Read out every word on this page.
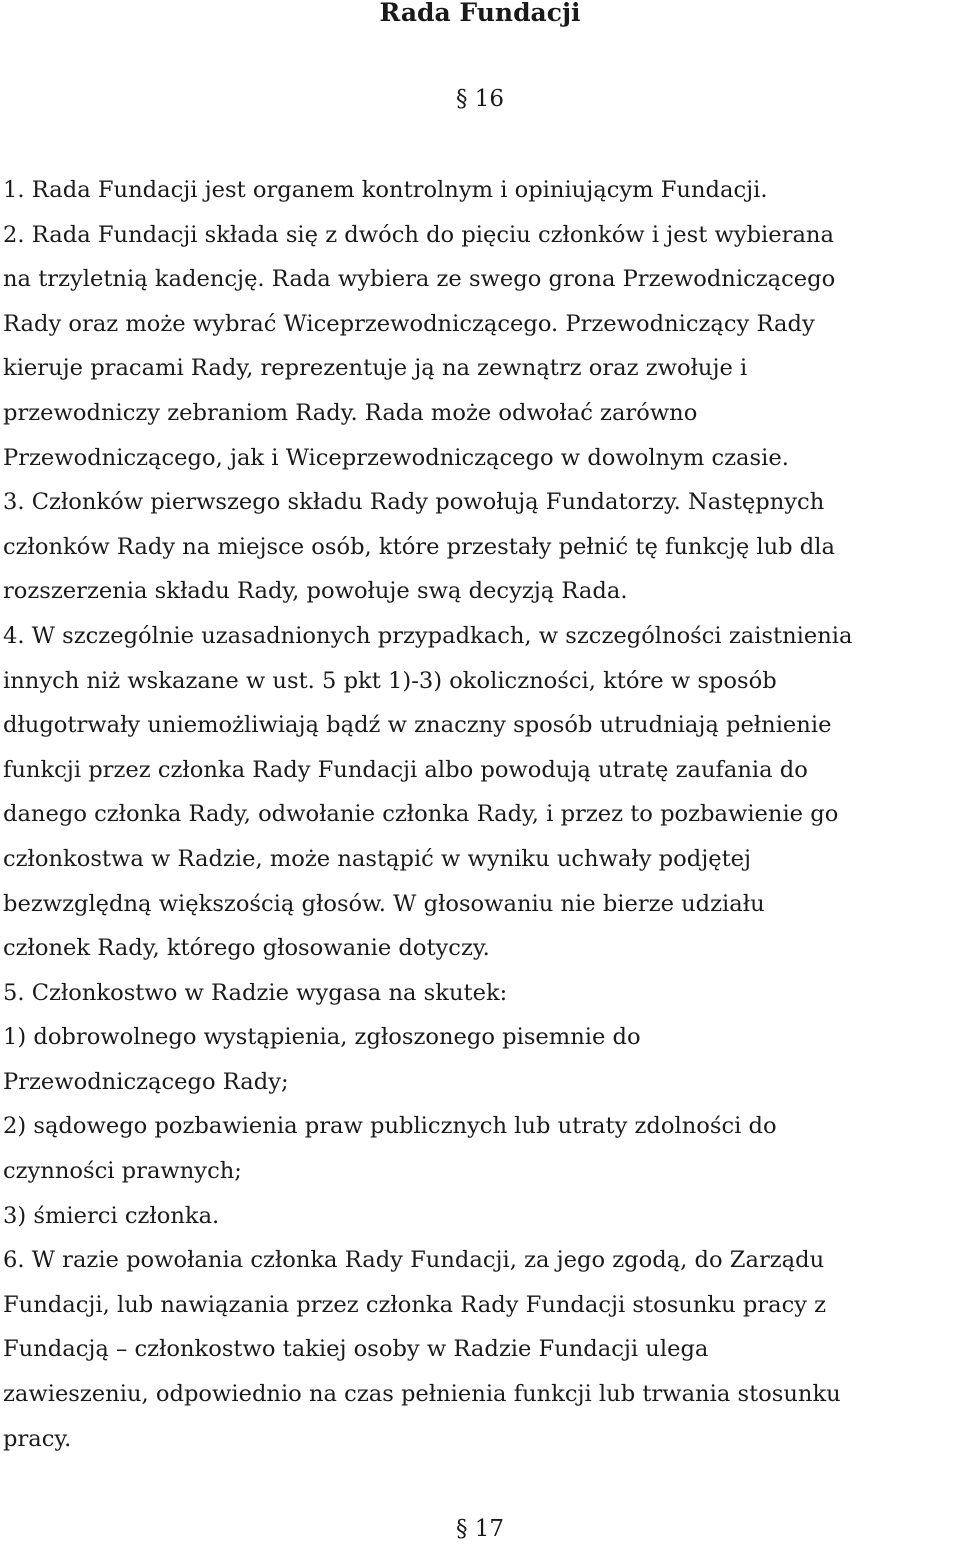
Rada Fundacji
§ 16
1. Rada Fundacji jest organem kontrolnym i opiniującym Fundacji.
2. Rada Fundacji składa się z dwóch do pięciu członków i jest wybierana
na trzyletnią kadencję. Rada wybiera ze swego grona Przewodniczącego
Rady oraz może wybrać Wiceprzewodniczącego. Przewodniczący Rady
kieruje pracami Rady, reprezentuje ją na zewnątrz oraz zwołuje i
przewodniczy zebraniom Rady. Rada może odwołać zarówno
Przewodniczącego, jak i Wiceprzewodniczącego w dowolnym czasie.
3. Członków pierwszego składu Rady powołują Fundatorzy. Następnych
członków Rady na miejsce osób, które przestały pełnić tę funkcję lub dla
rozszerzenia składu Rady, powołuje swą decyzją Rada.
4. W szczególnie uzasadnionych przypadkach, w szczególności zaistnienia
innych niż wskazane w ust. 5 pkt 1)-3) okoliczności, które w sposób
długotrwały uniemożliwiają bądź w znaczny sposób utrudniają pełnienie
funkcji przez członka Rady Fundacji albo powodują utratę zaufania do
danego członka Rady, odwołanie członka Rady, i przez to pozbawienie go
członkostwa w Radzie, może nastąpić w wyniku uchwały podjętej
bezwzględną większością głosów. W głosowaniu nie bierze udziału
członek Rady, którego głosowanie dotyczy.
5. Członkostwo w Radzie wygasa na skutek:
1) dobrowolnego wystąpienia, zgłoszonego pisemnie do
Przewodniczącego Rady;
2) sądowego pozbawienia praw publicznych lub utraty zdolności do
czynności prawnych;
3) śmierci członka.
6. W razie powołania członka Rady Fundacji, za jego zgodą, do Zarządu
Fundacji, lub nawiązania przez członka Rady Fundacji stosunku pracy z
Fundacją – członkostwo takiej osoby w Radzie Fundacji ulega
zawieszeniu, odpowiednio na czas pełnienia funkcji lub trwania stosunku
pracy.
§ 17
